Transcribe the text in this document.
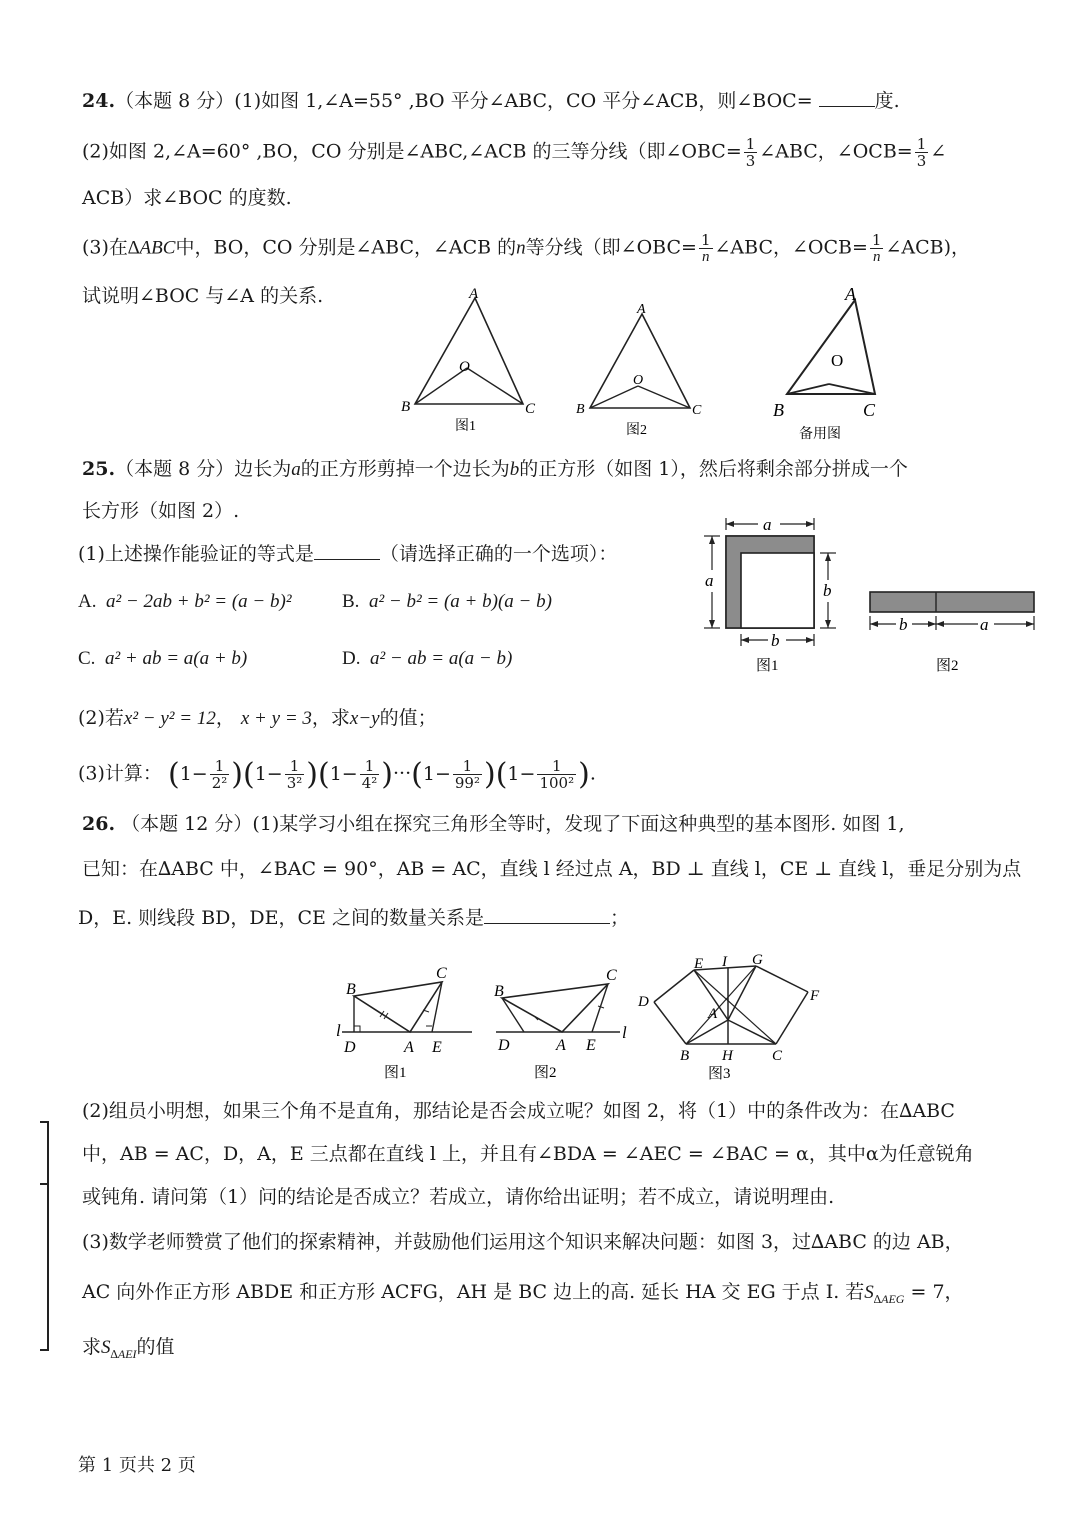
24.（本题 8 分）(1)如图 1,∠A=55° ,BO 平分∠ABC，CO 平分∠ACB，则∠BOC=	度.
(2)如图 2,∠A=60° ,BO，CO 分别是∠ABC,∠ACB 的三等分线（即∠OBC= $\frac{1}{3}$ ∠ABC，∠OCB= $\frac{1}{3}$ ∠
ACB）求∠BOC 的度数.
(3)在∆ABC中，BO，CO 分别是∠ABC，∠ACB 的n等分线（即∠OBC= $\frac{1}{n}$ ∠ABC，∠OCB= $\frac{1}{n}$ ∠ACB)，
试说明∠BOC 与∠A 的关系.	A
B	C
O
图1
A
B	C
O
图2
A
B	C
O
备用图
25.（本题 8 分）边长为a的正方形剪掉一个边长为b的正方形（如图 1），然后将剩余部分拼成一个
长方形（如图 2）.
(1)上述操作能验证的等式是	（请选择正确的一个选项）：
A. a² − 2ab + b² = (a − b)²	B. a² − b² = (a + b)(a − b)
C. a² + ab = a(a + b)	D. a² − ab = a(a − b)
(2)若x² − y² = 12， x + y = 3，求x−y的值；
(3)计算： $(1- \frac{1}{\text{2²}} )(1- \frac{1}{\text{3²}} )(1- \frac{1}{\text{4²}} )\cdot\cdot\cdot(1- \frac{1}{\text{99²}} )(1- \frac{1}{\text{100²}}$ ).
a
a
b
b
图1
b	a
图2
26. （本题 12 分）(1)某学习小组在探究三角形全等时，发现了下面这种典型的基本图形. 如图 1,
已知：在∆ABC 中，∠BAC = 90°，AB = AC，直线 l 经过点 A，BD ⊥ 直线 l，CE ⊥ 直线 l，垂足分别为点
D，E. 则线段 BD，DE，CE 之间的数量关系是	；
l
B
C
D	A E
图1
B
C
l
D	A E
图2
E I G
D	F
A
B H	C
图3
(2)组员小明想，如果三个角不是直角，那结论是否会成立呢？如图 2，将（1）中的条件改为：在∆ABC
中，AB = AC，D，A，E 三点都在直线 l 上，并且有∠BDA = ∠AEC = ∠BAC = α，其中α为任意锐角
或钝角. 请问第（1）问的结论是否成立？若成立，请你给出证明；若不成立，请说明理由.
(3)数学老师赞赏了他们的探索精神，并鼓励他们运用这个知识来解决问题：如图 3，过∆ABC 的边 AB，
AC 向外作正方形 ABDE 和正方形 ACFG，AH 是 BC 边上的高. 延长 HA 交 EG 于点 I. 若$S_{\Delta AEG} = 7$，
求$S_{\Delta AEI}$的值
第 1 页共 2 页
